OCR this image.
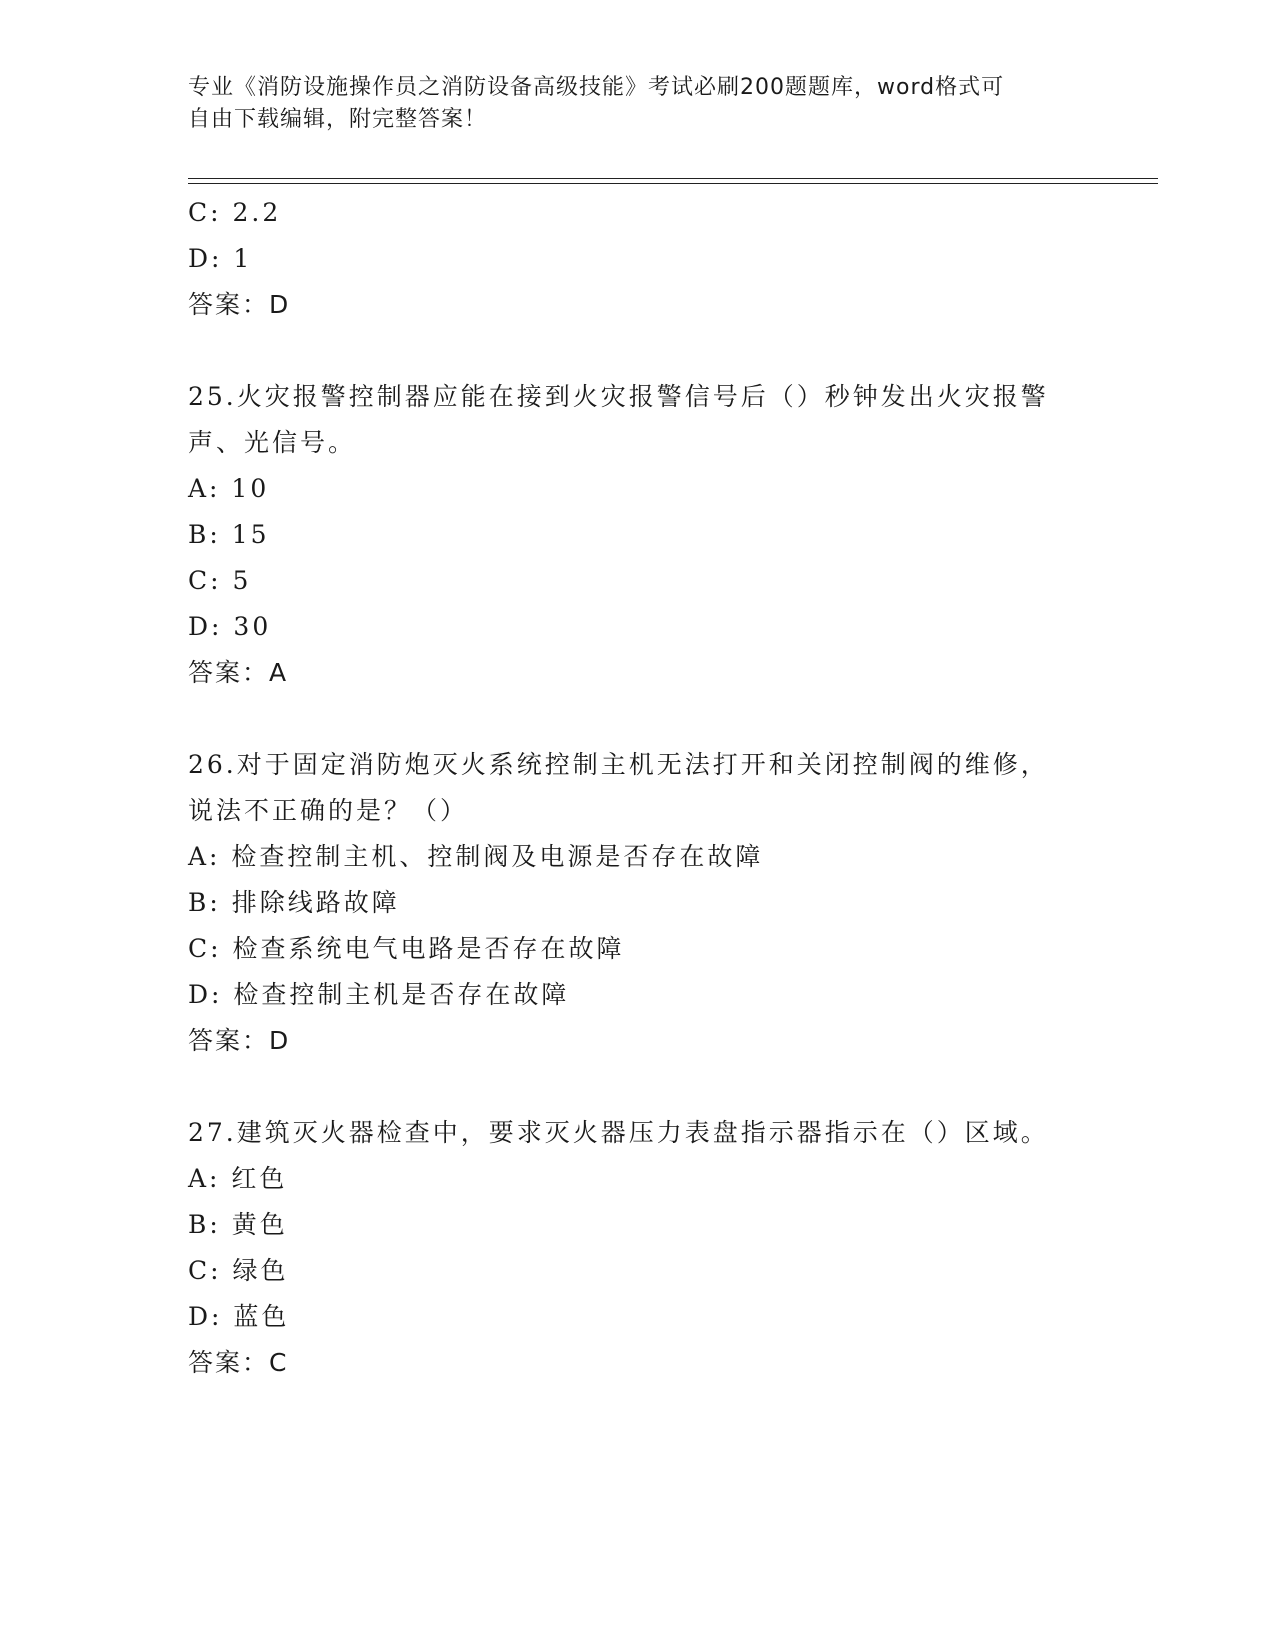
专业《消防设施操作员之消防设备高级技能》考试必刷200题题库，word格式可
自由下载编辑，附完整答案！
C: 2.2
D: 1
答案：D
25.火灾报警控制器应能在接到火灾报警信号后（）秒钟发出火灾报警
声、光信号。
A: 10
B: 15
C: 5
D: 30
答案：A
26.对于固定消防炮灭火系统控制主机无法打开和关闭控制阀的维修，
说法不正确的是？（）
A: 检查控制主机、控制阀及电源是否存在故障
B: 排除线路故障
C: 检查系统电气电路是否存在故障
D: 检查控制主机是否存在故障
答案：D
27.建筑灭火器检查中，要求灭火器压力表盘指示器指示在（）区域。
A: 红色
B: 黄色
C: 绿色
D: 蓝色
答案：C
